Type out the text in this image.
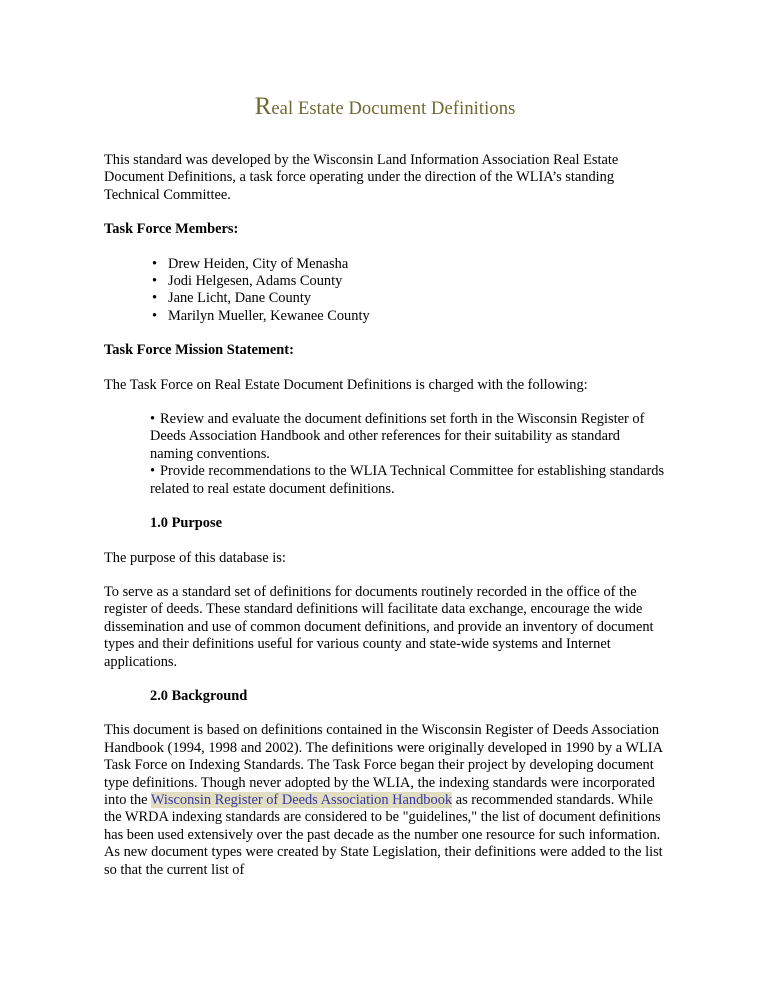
Real Estate Document Definitions

This standard was developed by the Wisconsin Land Information Association Real Estate Document Definitions, a task force operating under the direction of the WLIA’s standing Technical Committee.

Task Force Members:
• Drew Heiden, City of Menasha
• Jodi Helgesen, Adams County
• Jane Licht, Dane County
• Marilyn Mueller, Kewanee County
Task Force Mission Statement:

The Task Force on Real Estate Document Definitions is charged with the following:

• Review and evaluate the document definitions set forth in the Wisconsin Register of Deeds Association Handbook and other references for their suitability as standard naming conventions.
• Provide recommendations to the WLIA Technical Committee for establishing standards related to real estate document definitions.
1.0 Purpose

The purpose of this database is:

To serve as a standard set of definitions for documents routinely recorded in the office of the register of deeds. These standard definitions will facilitate data exchange, encourage the wide dissemination and use of common document definitions, and provide an inventory of document types and their definitions useful for various county and state-wide systems and Internet applications.

2.0 Background

This document is based on definitions contained in the Wisconsin Register of Deeds Association Handbook (1994, 1998 and 2002). The definitions were originally developed in 1990 by a WLIA Task Force on Indexing Standards. The Task Force began their project by developing document type definitions. Though never adopted by the WLIA, the indexing standards were incorporated into the Wisconsin Register of Deeds Association Handbook as recommended standards. While the WRDA indexing standards are considered to be "guidelines," the list of document definitions has been used extensively over the past decade as the number one resource for such information. As new document types were created by State Legislation, their definitions were added to the list so that the current list of
